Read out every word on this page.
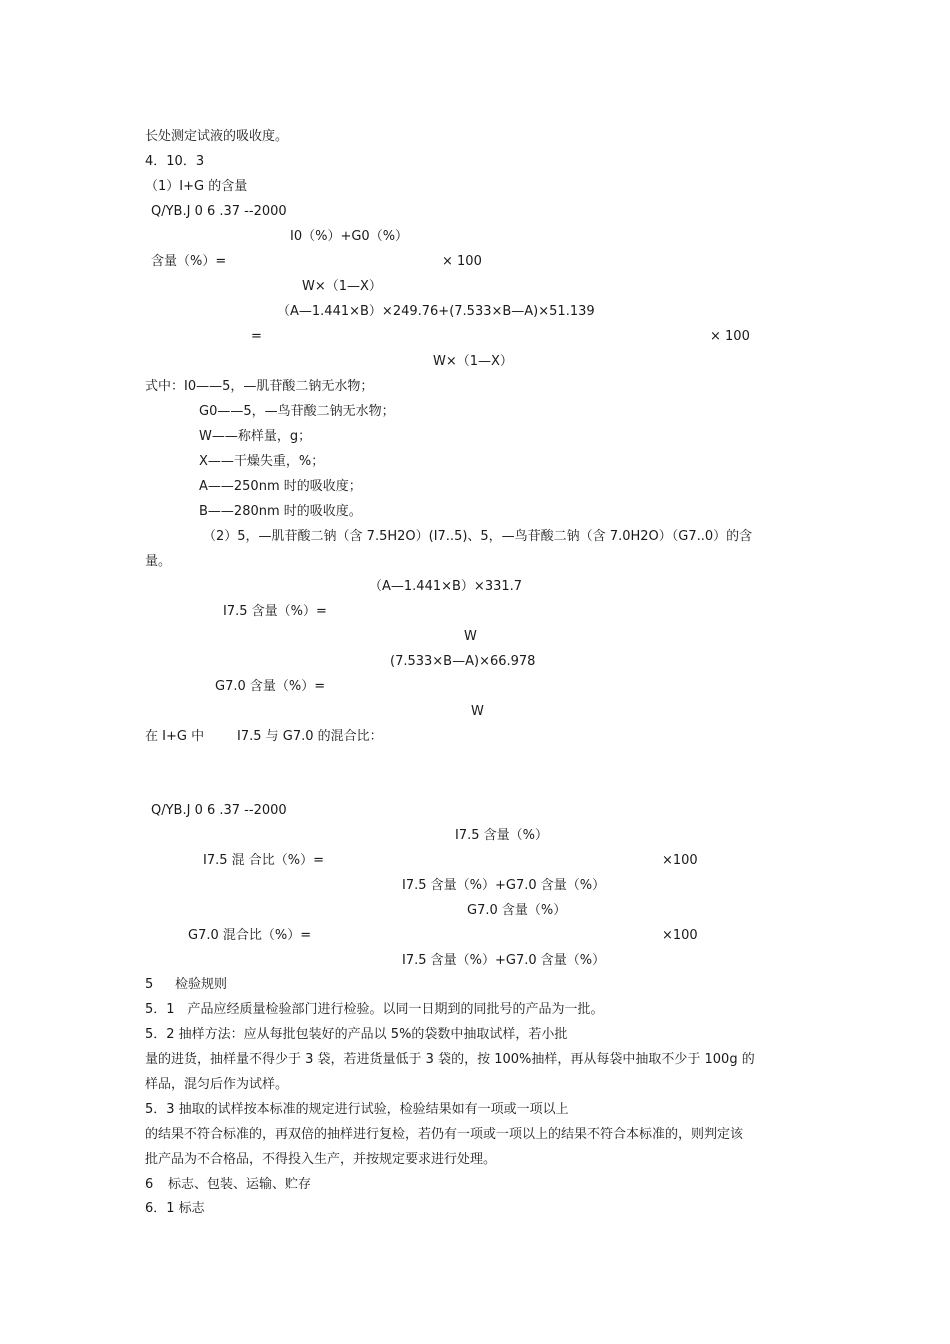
长处测定试液的吸收度。
4．10．3
（1）I+G 的含量
Q/YB.J 0 6 .37 --2000
I0（%）+G0（%）
含量（%）=	× 100
W×（1—X）
（A—1.441×B）×249.76+(7.533×B—A)×51.139
=	× 100
W×（1—X）
式中：I0——5，—肌苷酸二钠无水物；
G0——5，—鸟苷酸二钠无水物；
W——称样量，g；
X——干燥失重，%；
A——250nm 时的吸收度；
B——280nm 时的吸收度。
（2）5，—肌苷酸二钠（含 7.5H2O）(I7..5)、5，—鸟苷酸二钠（含 7.0H2O）（G7..0）的含
量。
（A—1.441×B）×331.7
I7.5 含量（%）=
W
(7.533×B—A)×66.978
G7.0 含量（%）=
W
在 I+G 中	I7.5 与 G7.0 的混合比：
Q/YB.J 0 6 .37 --2000
I7.5 含量（%）
I7.5 混 合比（%）=	×100
I7.5 含量（%）+G7.0 含量（%）
G7.0 含量（%）
G7.0 混合比（%）=	×100
I7.5 含量（%）+G7.0 含量（%）
5 检验规则
5．1　产品应经质量检验部门进行检验。以同一日期到的同批号的产品为一批。
5．2 抽样方法：应从每批包装好的产品以 5%的袋数中抽取试样，若小批
量的进货，抽样量不得少于 3 袋，若进货量低于 3 袋的，按 100%抽样，再从每袋中抽取不少于 100g 的
样品，混匀后作为试样。
5．3 抽取的试样按本标准的规定进行试验，检验结果如有一项或一项以上
的结果不符合标准的，再双倍的抽样进行复检，若仍有一项或一项以上的结果不符合本标准的，则判定该
批产品为不合格品，不得投入生产，并按规定要求进行处理。
6 标志、包装、运输、贮存
6．1 标志
